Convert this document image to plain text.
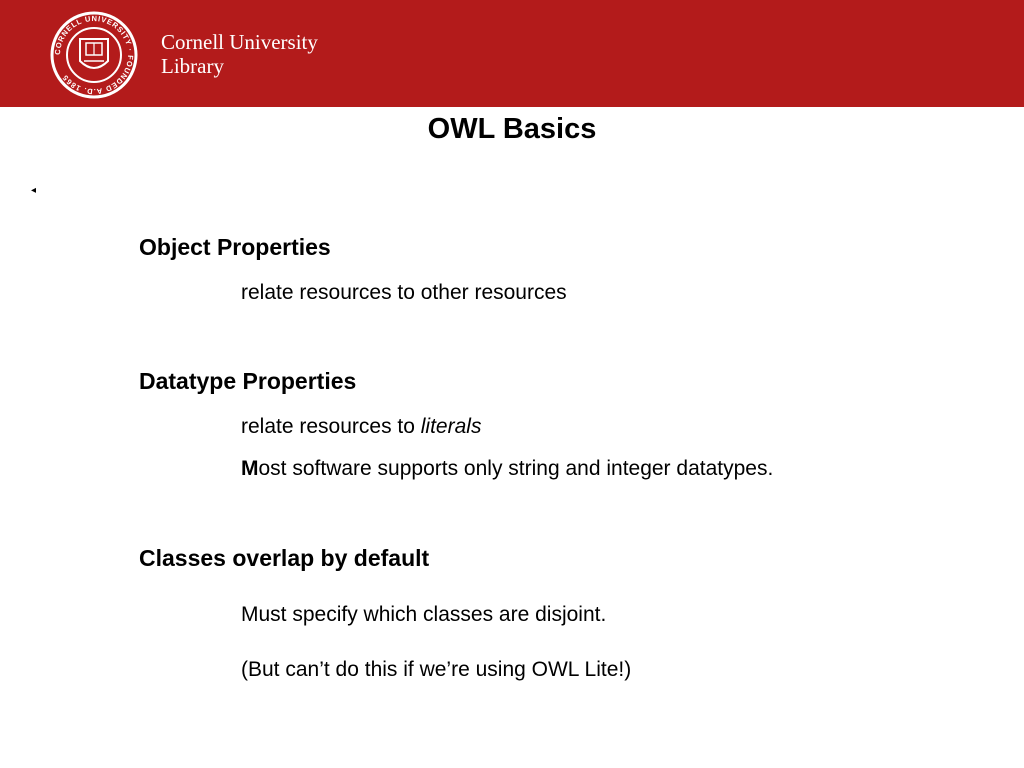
CORNELL UNIVERSITY · FOUNDED A.D. 1865
Cornell University
Library
OWL Basics
◂
Object Properties
relate resources to other resources
Datatype Properties
relate resources to literals
Most software supports only string and integer datatypes.
Classes overlap by default
Must specify which classes are disjoint.
(But can’t do this if we’re using OWL Lite!)
